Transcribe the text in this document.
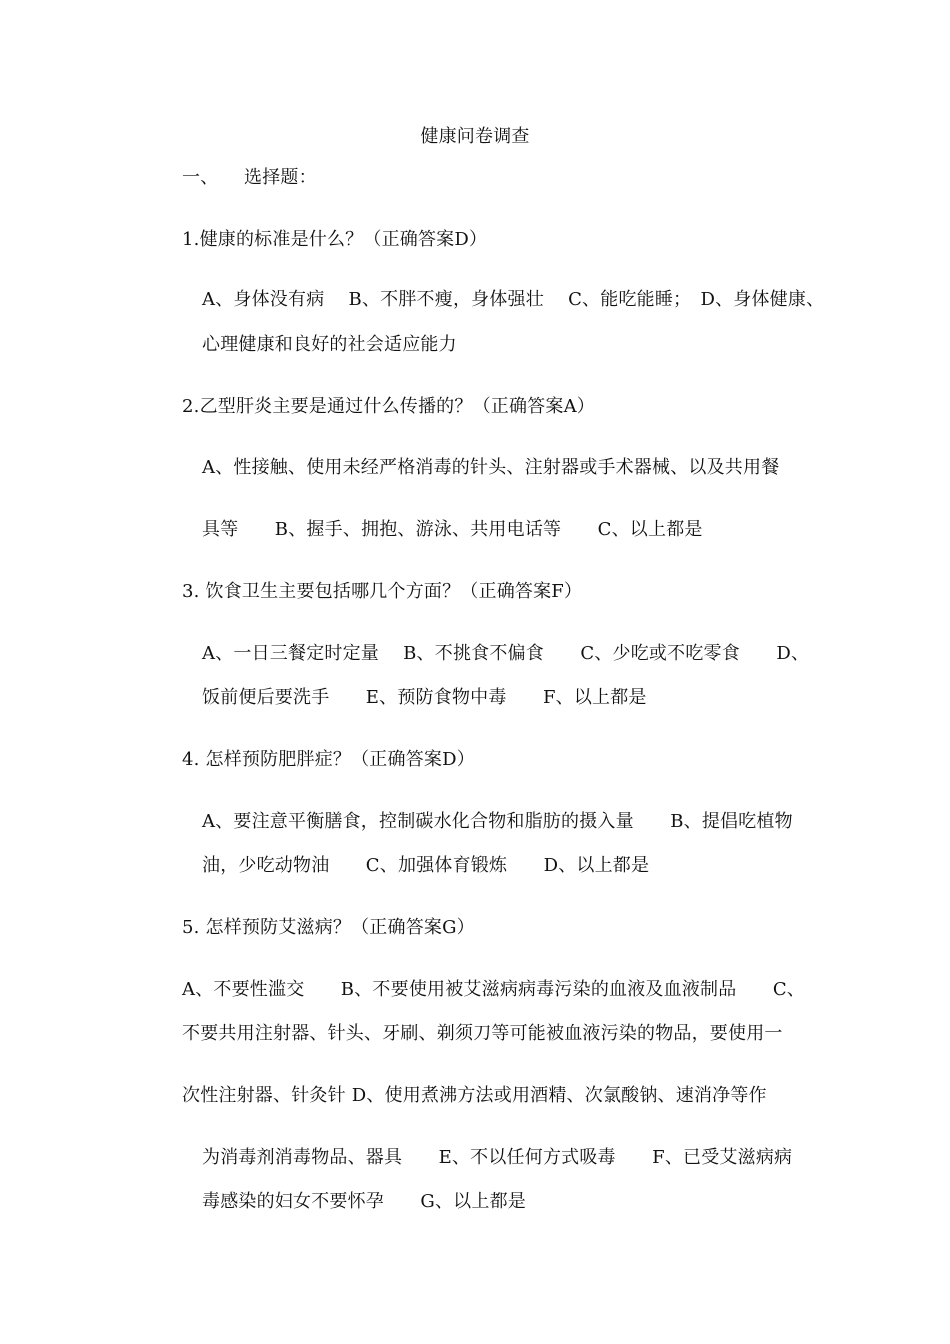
健康问卷调查
一、 选择题：
1.健康的标准是什么？（正确答案D）
A、身体没有病　 B、不胖不瘦，身体强壮　 C、能吃能睡；　D、身体健康、
心理健康和良好的社会适应能力
2.乙型肝炎主要是通过什么传播的？（正确答案A）
A、性接触、使用未经严格消毒的针头、注射器或手术器械、以及共用餐
具等　　B、握手、拥抱、游泳、共用电话等　　C、以上都是
3. 饮食卫生主要包括哪几个方面？（正确答案F）
A、一日三餐定时定量　 B、不挑食不偏食　　C、少吃或不吃零食　　D、
饭前便后要洗手　　E、预防食物中毒　　F、以上都是
4. 怎样预防肥胖症？（正确答案D）
A、要注意平衡膳食，控制碳水化合物和脂肪的摄入量　　B、提倡吃植物
油，少吃动物油　　C、加强体育锻炼　　D、以上都是
5. 怎样预防艾滋病？（正确答案G）
A、不要性滥交　　B、不要使用被艾滋病病毒污染的血液及血液制品　　C、
不要共用注射器、针头、牙刷、剃须刀等可能被血液污染的物品，要使用一
次性注射器、针灸针 D、使用煮沸方法或用酒精、次氯酸钠、速消净等作
为消毒剂消毒物品、器具　　E、不以任何方式吸毒　　F、已受艾滋病病
毒感染的妇女不要怀孕　　G、以上都是
